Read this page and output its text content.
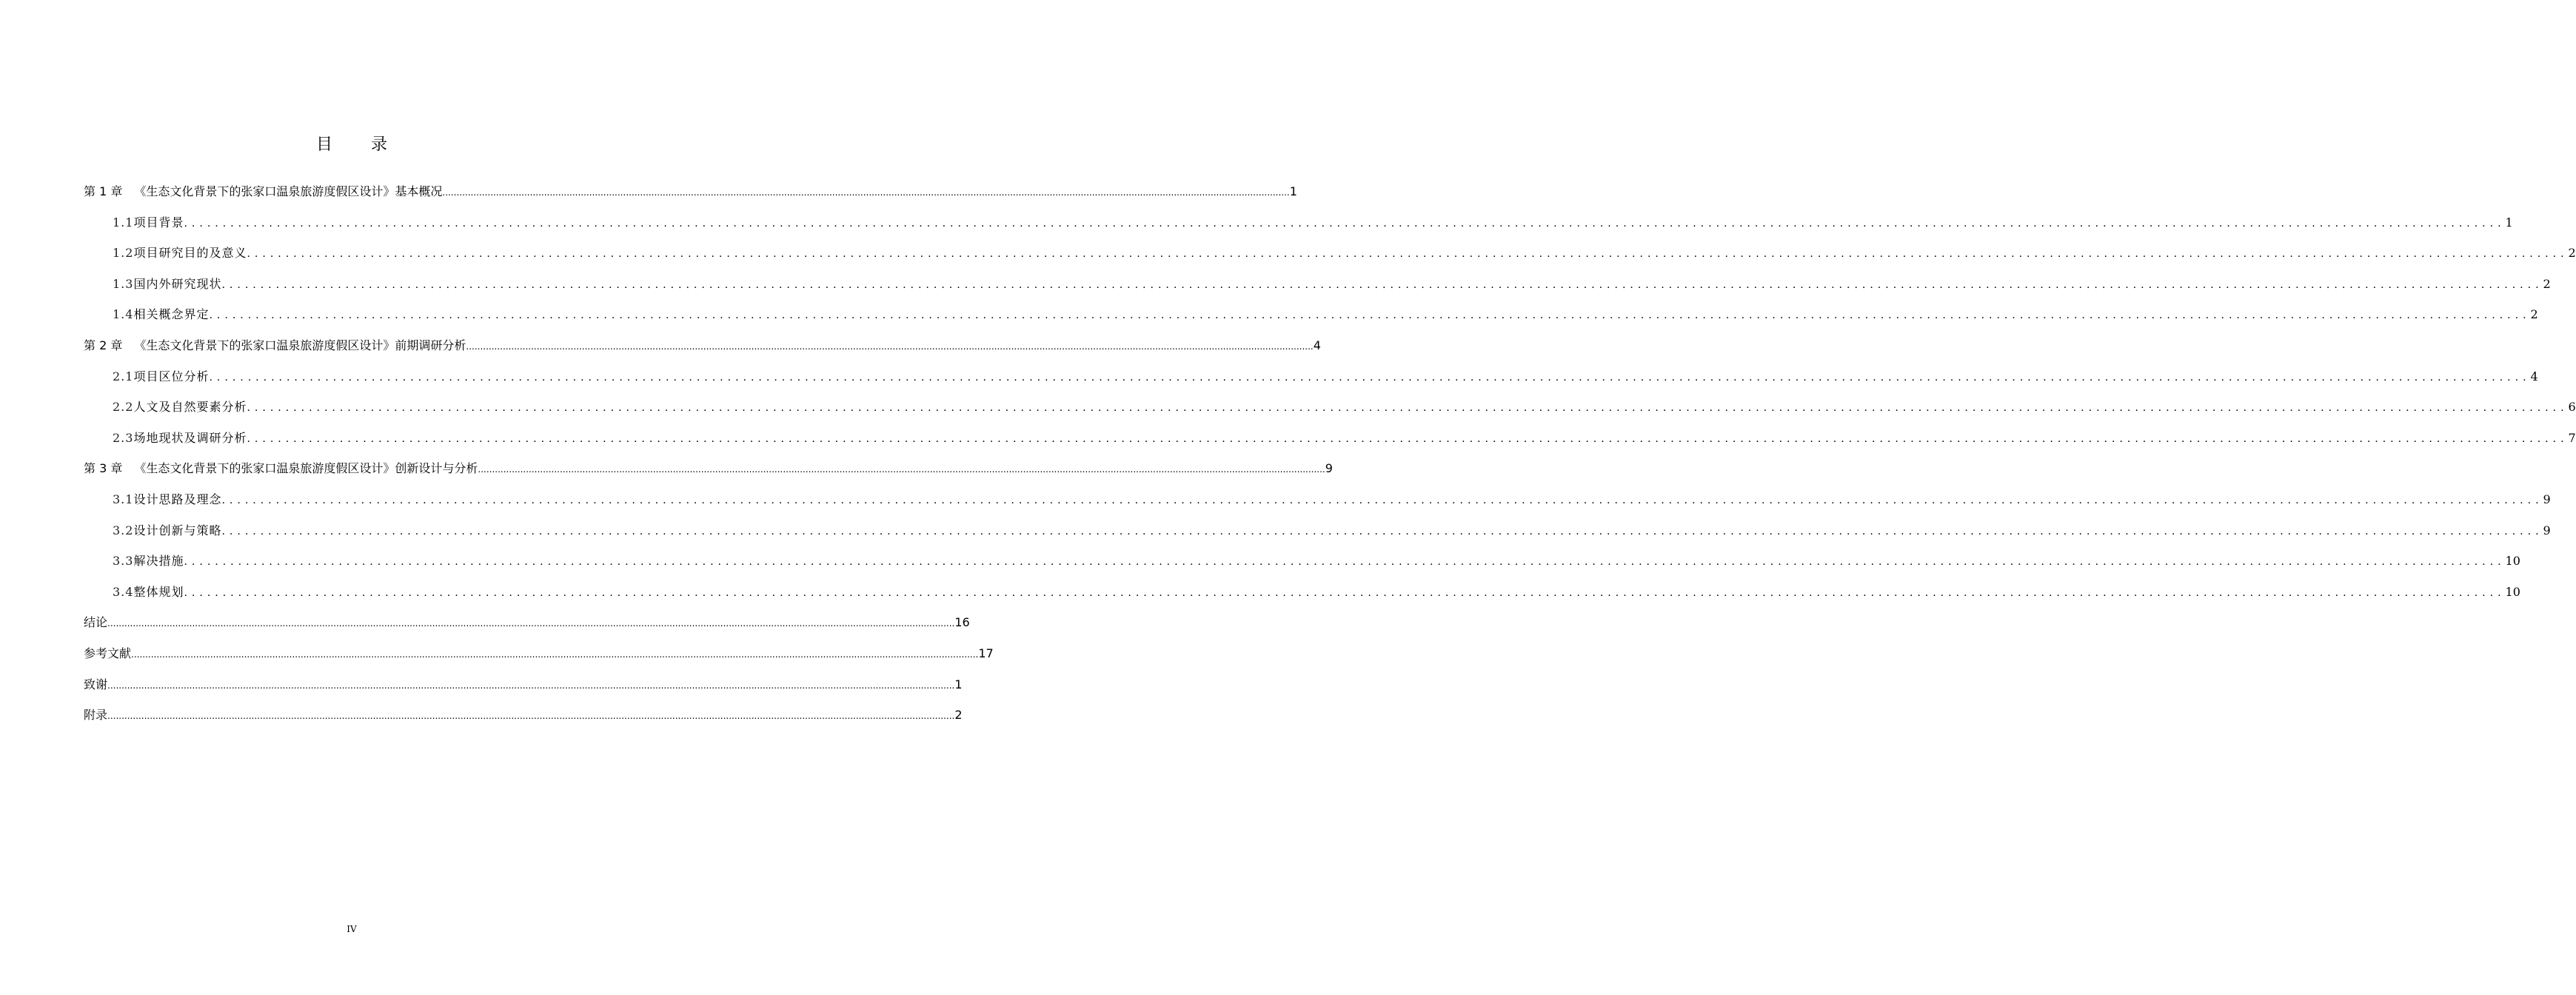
目 录
第 1 章 《生态文化背景下的张家口温泉旅游度假区设计》基本概况 ............................................................................................................................................................................................................................................................................................................ 1
1.1 项目背景 ............................................................................................................................................................................................................................................................................................................ 1
1.2 项目研究目的及意义 ............................................................................................................................................................................................................................................................................................................ 2
1.3 国内外研究现状 ............................................................................................................................................................................................................................................................................................................ 2
1.4 相关概念界定 ............................................................................................................................................................................................................................................................................................................ 2
第 2 章 《生态文化背景下的张家口温泉旅游度假区设计》前期调研分析 ............................................................................................................................................................................................................................................................................................................ 4
2.1 项目区位分析 ............................................................................................................................................................................................................................................................................................................ 4
2.2 人文及自然要素分析 ............................................................................................................................................................................................................................................................................................................ 6
2.3 场地现状及调研分析 ............................................................................................................................................................................................................................................................................................................ 7
第 3 章 《生态文化背景下的张家口温泉旅游度假区设计》创新设计与分析 ............................................................................................................................................................................................................................................................................................................ 9
3.1 设计思路及理念 ............................................................................................................................................................................................................................................................................................................ 9
3.2 设计创新与策略 ............................................................................................................................................................................................................................................................................................................ 9
3.3 解决措施 ............................................................................................................................................................................................................................................................................................................ 10
3.4 整体规划 ............................................................................................................................................................................................................................................................................................................ 10
结论 ............................................................................................................................................................................................................................................................................................................ 16
参考文献 ............................................................................................................................................................................................................................................................................................................ 17
致谢 ............................................................................................................................................................................................................................................................................................................ 1
附录 ............................................................................................................................................................................................................................................................................................................ 2
IV
